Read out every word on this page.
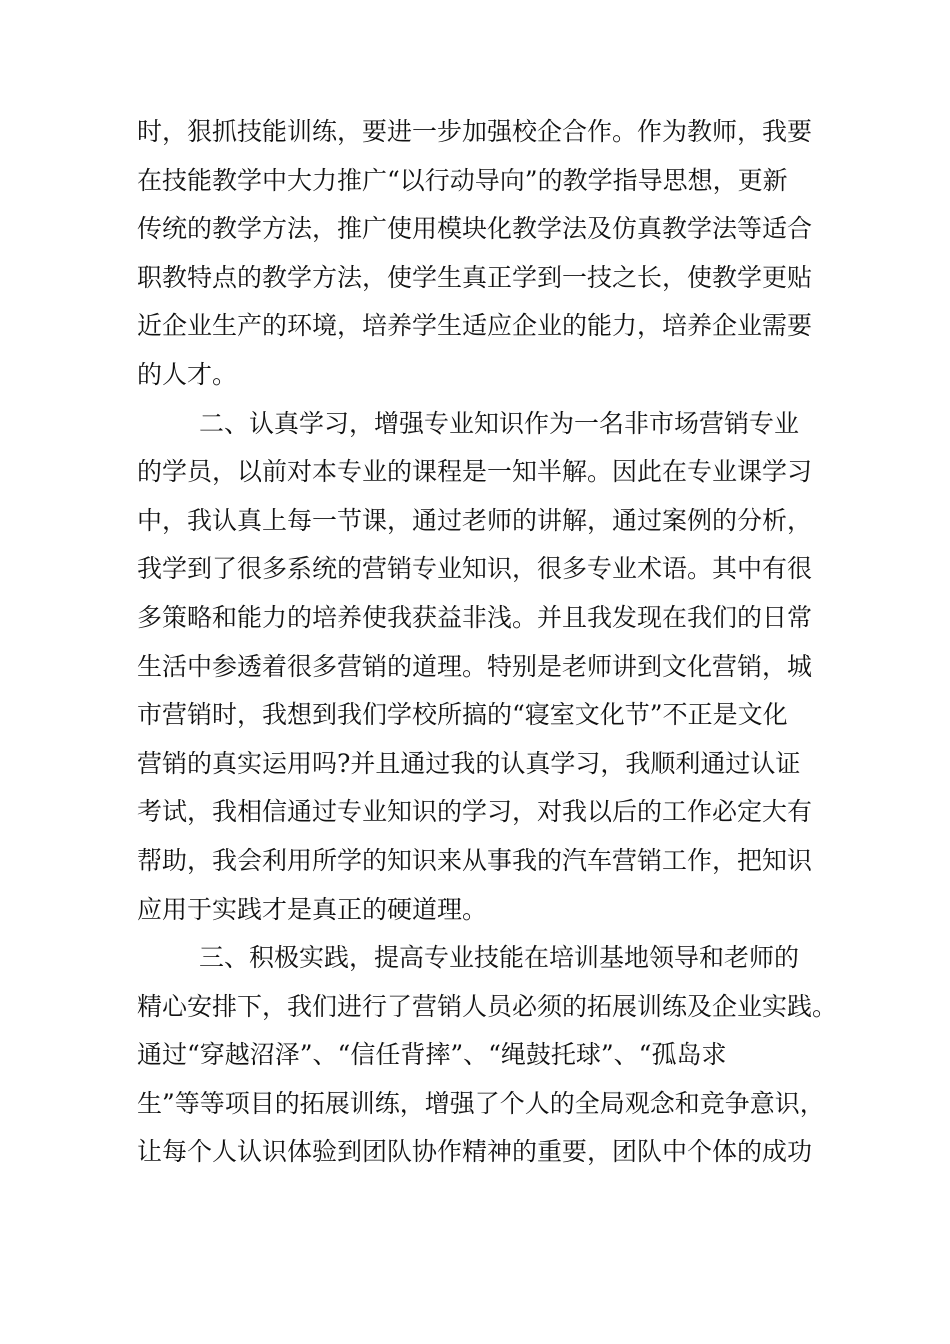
时，狠抓技能训练，要进一步加强校企合作。作为教师，我要
在技能教学中大力推广“以行动导向”的教学指导思想，更新
传统的教学方法，推广使用模块化教学法及仿真教学法等适合
职教特点的教学方法，使学生真正学到一技之长，使教学更贴
近企业生产的环境，培养学生适应企业的能力，培养企业需要
的人才。
二、认真学习，增强专业知识作为一名非市场营销专业
的学员，以前对本专业的课程是一知半解。因此在专业课学习
中，我认真上每一节课，通过老师的讲解，通过案例的分析，
我学到了很多系统的营销专业知识，很多专业术语。其中有很
多策略和能力的培养使我获益非浅。并且我发现在我们的日常
生活中参透着很多营销的道理。特别是老师讲到文化营销，城
市营销时，我想到我们学校所搞的“寝室文化节”不正是文化
营销的真实运用吗?并且通过我的认真学习，我顺利通过认证
考试，我相信通过专业知识的学习，对我以后的工作必定大有
帮助，我会利用所学的知识来从事我的汽车营销工作，把知识
应用于实践才是真正的硬道理。
三、积极实践，提高专业技能在培训基地领导和老师的
精心安排下，我们进行了营销人员必须的拓展训练及企业实践。
通过“穿越沼泽”、“信任背摔”、“绳鼓托球”、“孤岛求
生”等等项目的拓展训练，增强了个人的全局观念和竞争意识，
让每个人认识体验到团队协作精神的重要，团队中个体的成功
